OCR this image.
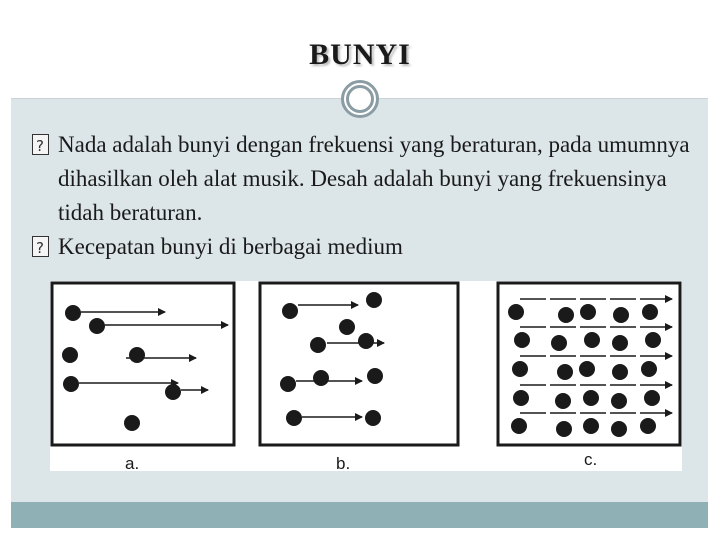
BUNYI
?
Nada adalah bunyi dengan frekuensi yang beraturan, pada umumnya dihasilkan oleh alat musik. Desah adalah bunyi yang frekuensinya tidah beraturan.
?
Kecepatan bunyi di berbagai medium
a.	b.	c.
